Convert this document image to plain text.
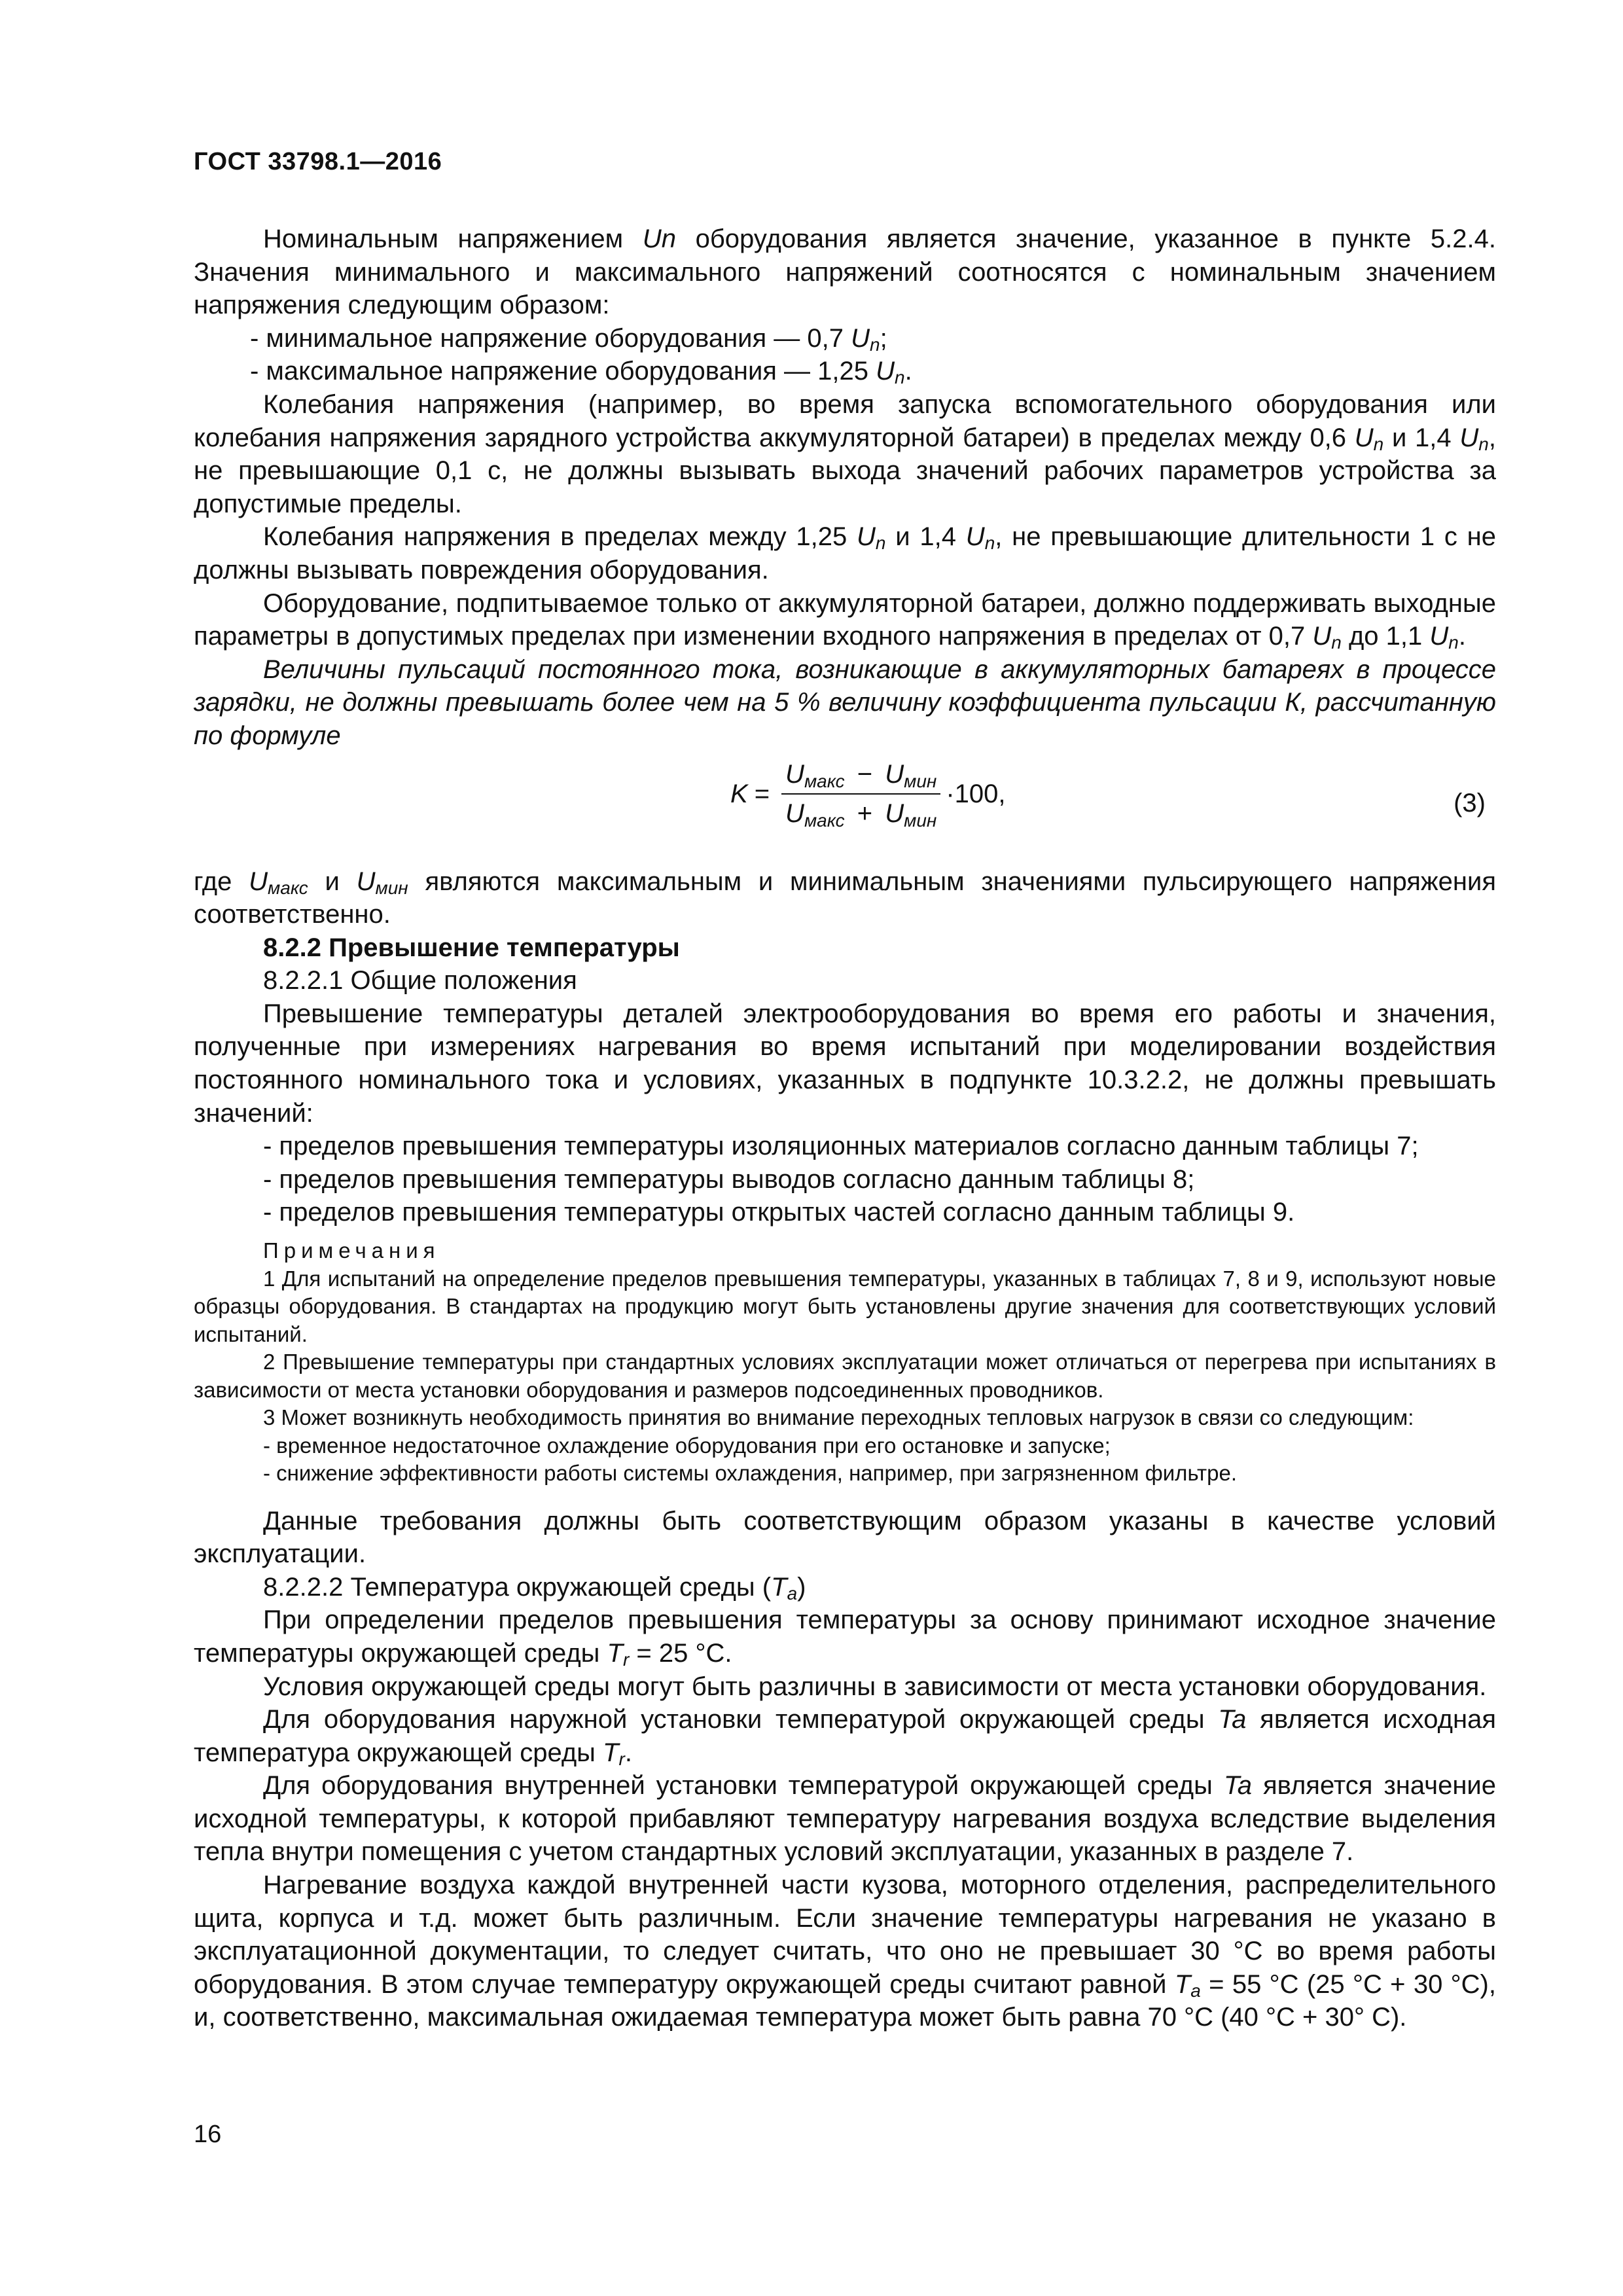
ГОСТ 33798.1—2016

Номинальным напряжением Un оборудования является значение, указанное в пункте 5.2.4. Значения минимального и максимального напряжений соотносятся с номинальным значением напряжения следующим образом:

- минимальное напряжение оборудования — 0,7 $U_n$;

- максимальное напряжение оборудования — 1,25 $U_n$.

Колебания напряжения (например, во время запуска вспомогательного оборудования или колебания напряжения зарядного устройства аккумуляторной батареи) в пределах между 0,6 $U_n$ и 1,4 $U_n$, не превышающие 0,1 с, не должны вызывать выхода значений рабочих параметров устройства за допустимые пределы.

Колебания напряжения в пределах между 1,25 $U_n$ и 1,4 $U_n$, не превышающие длительности 1 с не должны вызывать повреждения оборудования.

Оборудование, подпитываемое только от аккумуляторной батареи, должно поддерживать выходные параметры в допустимых пределах при изменении входного напряжения в пределах от 0,7 $U_n$ до 1,1 $U_n$.

Величины пульсаций постоянного тока, возникающие в аккумуляторных батареях в процессе зарядки, не должны превышать более чем на 5 % величину коэффициента пульсации К, рассчитанную по формуле

$K = \frac{U_{макс} - U_{мин}}{U_{макс} + U_{мин}} \cdot 100$,	(3)

где $U_{макс}$ и $U_{мин}$ являются максимальным и минимальным значениями пульсирующего напряжения соответственно.

8.2.2 Превышение температуры

8.2.2.1 Общие положения

Превышение температуры деталей электрооборудования во время его работы и значения, полученные при измерениях нагревания во время испытаний при моделировании воздействия постоянного номинального тока и условиях, указанных в подпункте 10.3.2.2, не должны превышать значений:

- пределов превышения температуры изоляционных материалов согласно данным таблицы 7;

- пределов превышения температуры выводов согласно данным таблицы 8;

- пределов превышения температуры открытых частей согласно данным таблицы 9.

Примечания

1 Для испытаний на определение пределов превышения температуры, указанных в таблицах 7, 8 и 9, используют новые образцы оборудования. В стандартах на продукцию могут быть установлены другие значения для соответствующих условий испытаний.

2 Превышение температуры при стандартных условиях эксплуатации может отличаться от перегрева при испытаниях в зависимости от места установки оборудования и размеров подсоединенных проводников.

3 Может возникнуть необходимость принятия во внимание переходных тепловых нагрузок в связи со следующим:

- временное недостаточное охлаждение оборудования при его остановке и запуске;

- снижение эффективности работы системы охлаждения, например, при загрязненном фильтре.

Данные требования должны быть соответствующим образом указаны в качестве условий эксплуатации.

8.2.2.2 Температура окружающей среды $(T_a)$

При определении пределов превышения температуры за основу принимают исходное значение температуры окружающей среды $T_r = 25$ °C.

Условия окружающей среды могут быть различны в зависимости от места установки оборудования.

Для оборудования наружной установки температурой окружающей среды Ta является исходная температура окружающей среды $T_r$.

Для оборудования внутренней установки температурой окружающей среды Ta является значение исходной температуры, к которой прибавляют температуру нагревания воздуха вследствие выделения тепла внутри помещения с учетом стандартных условий эксплуатации, указанных в разделе 7.

Нагревание воздуха каждой внутренней части кузова, моторного отделения, распределительного щита, корпуса и т.д. может быть различным. Если значение температуры нагревания не указано в эксплуатационной документации, то следует считать, что оно не превышает 30 °C во время работы оборудования. В этом случае температуру окружающей среды считают равной $T_a = 55$ °C (25 °C + 30 °C), и, соответственно, максимальная ожидаемая температура может быть равна 70 °C (40 °C + 30° C).

16
